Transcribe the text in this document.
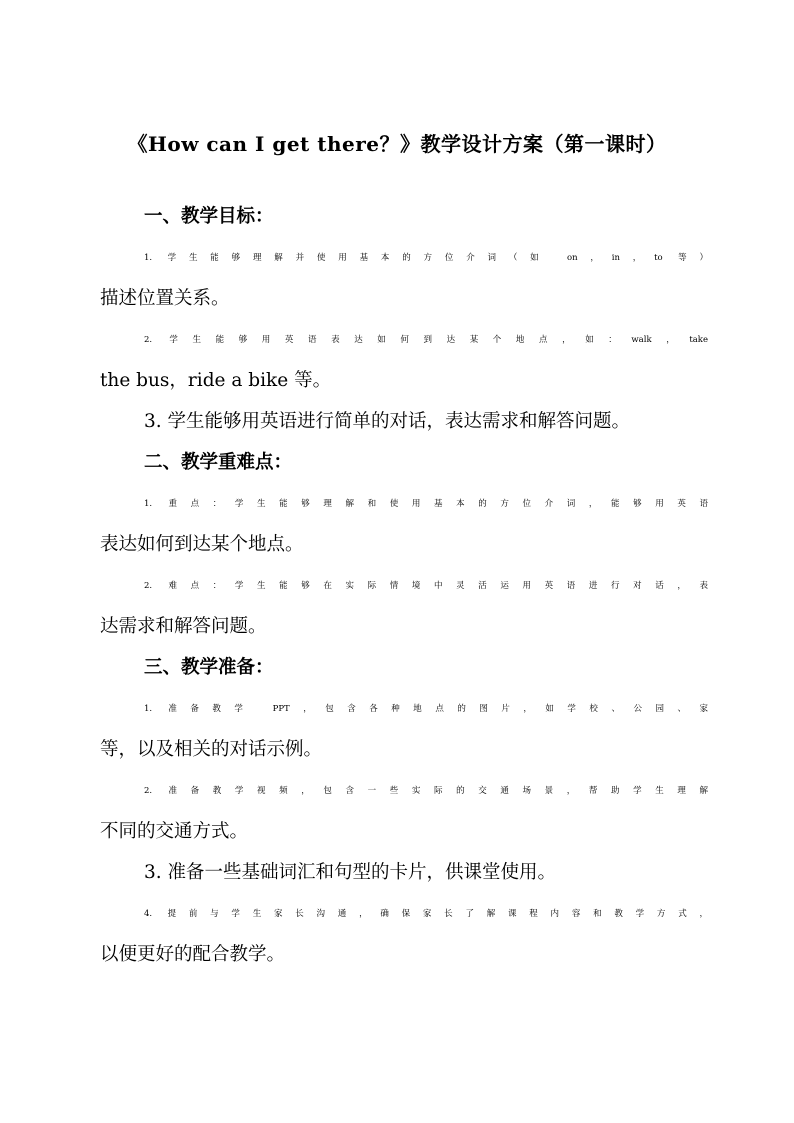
《How can I get there？》教学设计方案（第一课时）
一、教学目标：
1. 学生能够理解并使用基本的方位介词（如 on，in，to 等）
描述位置关系。
2. 学生能够用英语表达如何到达某个地点，如：walk，take
the bus，ride a bike 等。
3. 学生能够用英语进行简单的对话，表达需求和解答问题。
二、教学重难点：
1. 重点：学生能够理解和使用基本的方位介词，能够用英语
表达如何到达某个地点。
2. 难点：学生能够在实际情境中灵活运用英语进行对话，表
达需求和解答问题。
三、教学准备：
1. 准备教学 PPT，包含各种地点的图片，如学校、公园、家
等，以及相关的对话示例。
2. 准备教学视频，包含一些实际的交通场景，帮助学生理解
不同的交通方式。
3. 准备一些基础词汇和句型的卡片，供课堂使用。
4. 提前与学生家长沟通，确保家长了解课程内容和教学方式，
以便更好的配合教学。
